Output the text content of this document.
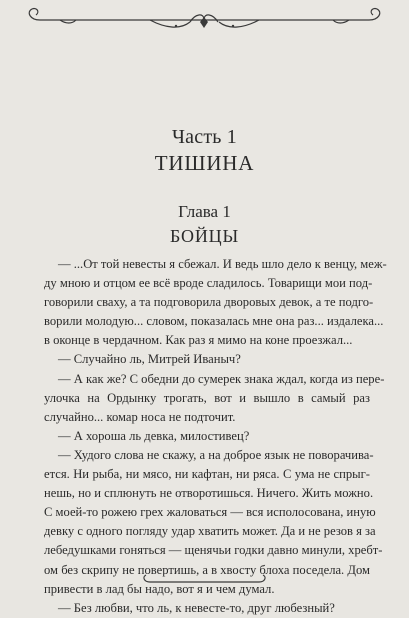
Часть 1
ТИШИНА
Глава 1
БОЙЦЫ
— ...От той невесты я сбежал. И ведь шло дело к венцу, меж-
ду мною и отцом ее всё вроде сладилось. Товарищи мои под-
говорили сваху, а та подговорила дворовых девок, а те подго-
ворили молодую... словом, показалась мне она раз... издалека...
в оконце в чердачном. Как раз я мимо на коне проезжал...
— Случайно ль, Митрей Иваныч?
— А как же? С обедни до сумерек знака ждал, когда из пере-
улочка на Ордынку трогать, вот и вышло в самый раз случайно... комар носа не подточит.
— А хороша ль девка, милостивец?
— Худого слова не скажу, а на доброе язык не поворачива-
ется. Ни рыба, ни мясо, ни кафтан, ни ряса. С ума не спрыг-
нешь, но и сплюнуть не отворотишься. Ничего. Жить можно.
С моей-то рожею грех жаловаться — вся исполосована, иную
девку с одного погляду удар хватить может. Да и не резов я за
лебедушками гоняться — щенячьи годки давно минули, хребт-
ом без скрипу не повертишь, а в хвосту блоха поседела. Дом
привести в лад бы надо, вот я и чем думал.
— Без любви, что ль, к невесте-то, друг любезный?
